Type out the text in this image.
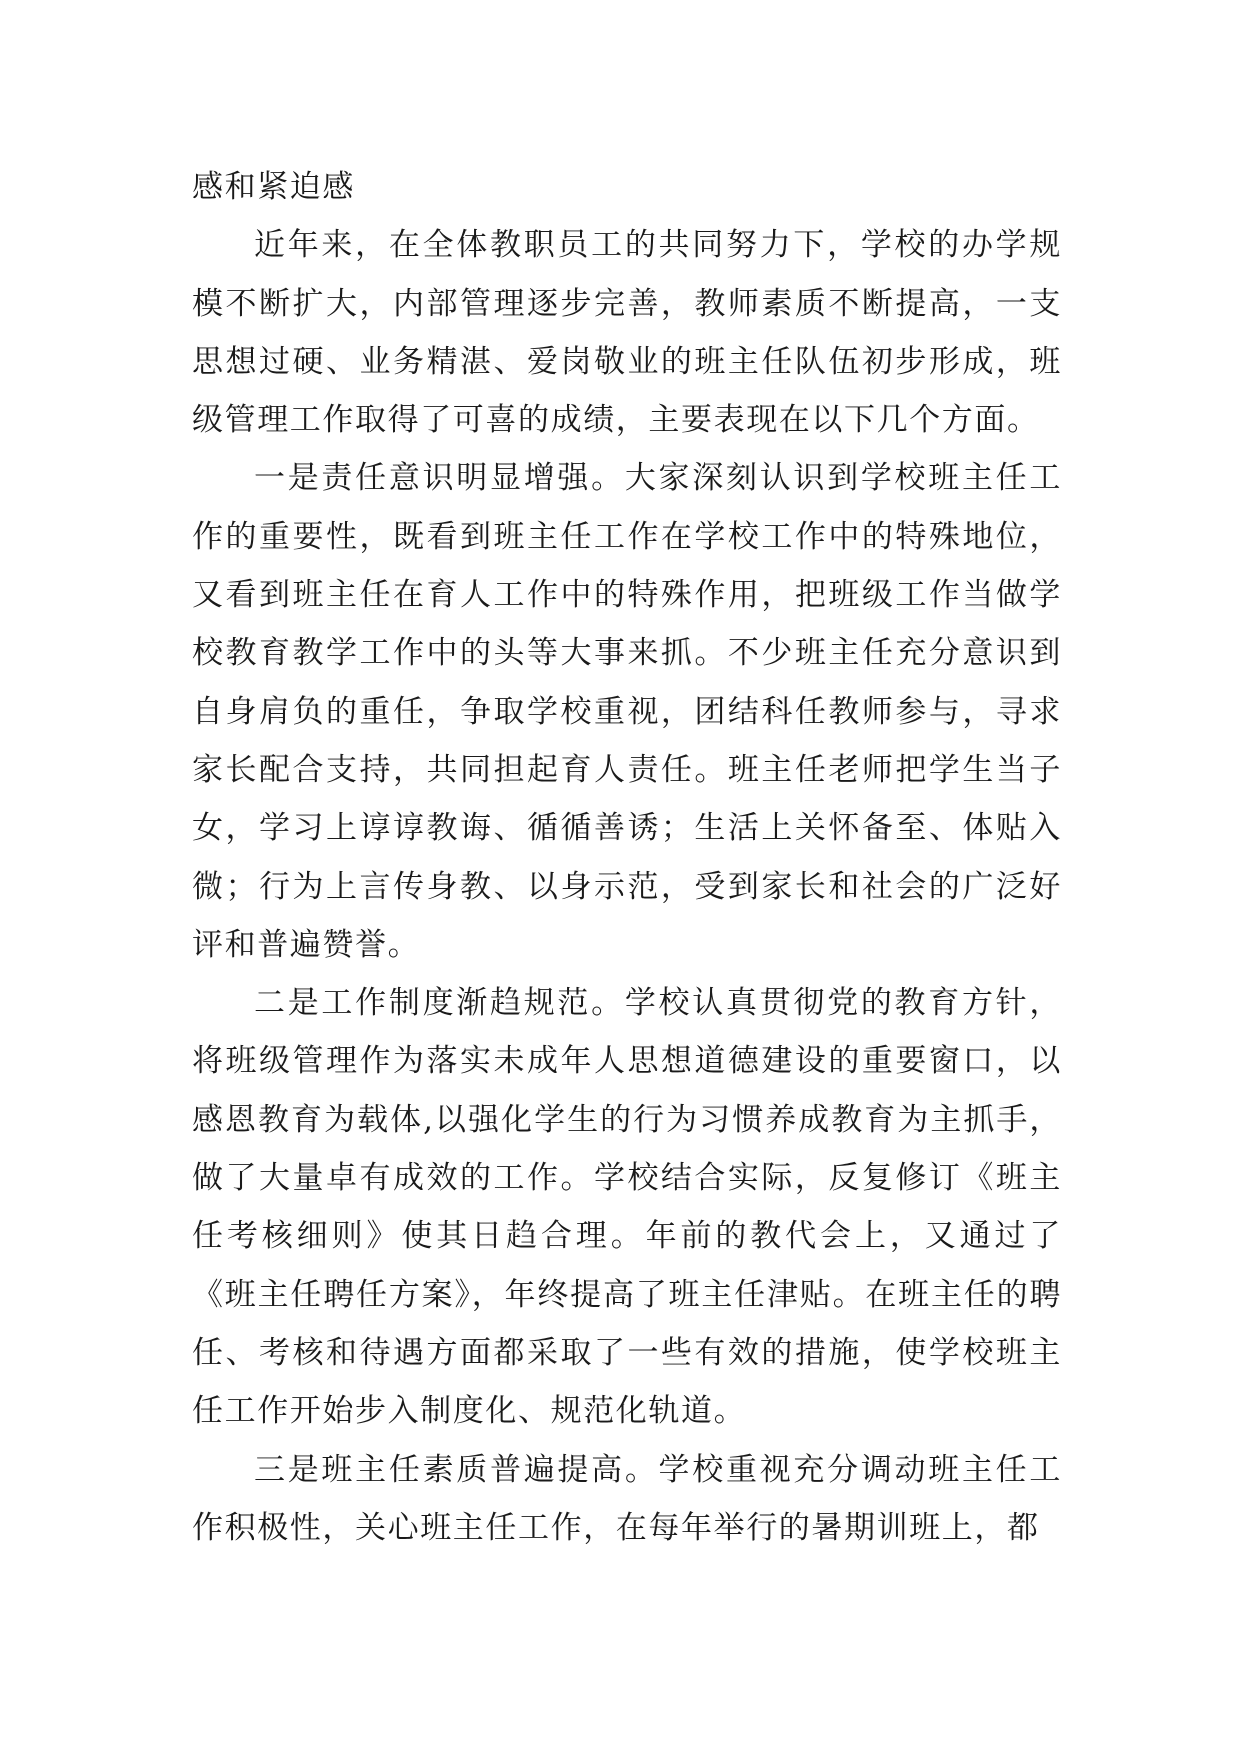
感和紧迫感

近年来，在全体教职员工的共同努力下，学校的办学规模不断扩大，内部管理逐步完善，教师素质不断提高，一支思想过硬、业务精湛、爱岗敬业的班主任队伍初步形成，班级管理工作取得了可喜的成绩，主要表现在以下几个方面。

一是责任意识明显增强。大家深刻认识到学校班主任工作的重要性，既看到班主任工作在学校工作中的特殊地位，又看到班主任在育人工作中的特殊作用，把班级工作当做学校教育教学工作中的头等大事来抓。不少班主任充分意识到自身肩负的重任，争取学校重视，团结科任教师参与，寻求家长配合支持，共同担起育人责任。班主任老师把学生当子女，学习上谆谆教诲、循循善诱；生活上关怀备至、体贴入微；行为上言传身教、以身示范，受到家长和社会的广泛好评和普遍赞誉。

二是工作制度渐趋规范。学校认真贯彻党的教育方针，将班级管理作为落实未成年人思想道德建设的重要窗口，以感恩教育为载体,以强化学生的行为习惯养成教育为主抓手，做了大量卓有成效的工作。学校结合实际，反复修订《班主任考核细则》使其日趋合理。年前的教代会上，又通过了《班主任聘任方案》，年终提高了班主任津贴。在班主任的聘任、考核和待遇方面都采取了一些有效的措施，使学校班主任工作开始步入制度化、规范化轨道。

三是班主任素质普遍提高。学校重视充分调动班主任工作积极性，关心班主任工作，在每年举行的暑期训班上，都
